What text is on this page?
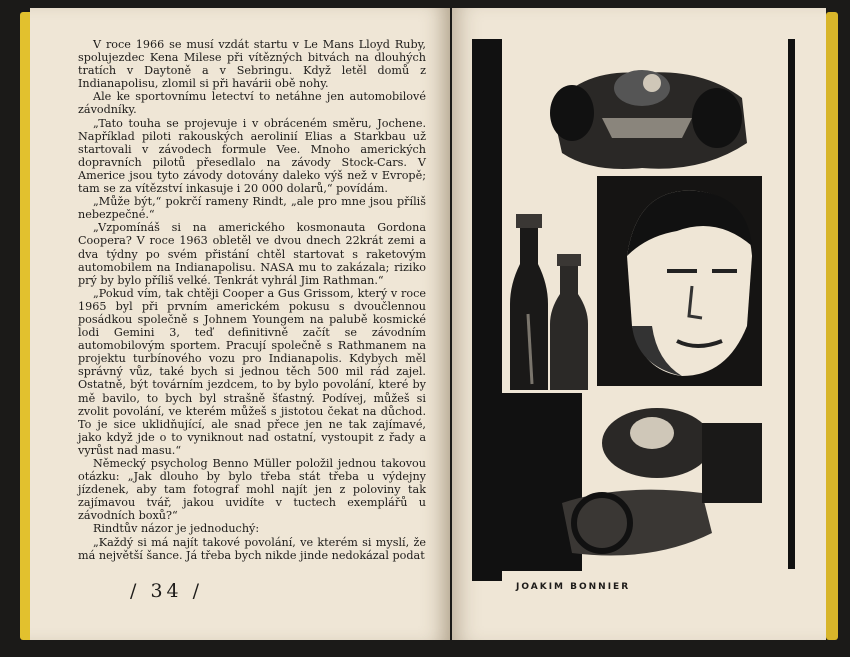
V roce 1966 se musí vzdát startu v Le Mans Lloyd Ruby, spolujezdec Kena Milese při vítězných bitvách na dlouhých tratích v Daytoně a v Sebringu. Když letěl domů z Indianapolisu, zlomil si při havárii obě nohy.

Ale ke sportovnímu letectví to netáhne jen automobilové závodníky.

„Tato touha se projevuje i v obráceném směru, Jochene. Například piloti rakouských aerolinií Elias a Starkbau už startovali v závodech formule Vee. Mnoho amerických dopravních pilotů přesedlalo na závody Stock-Cars. V Americe jsou tyto závody dotovány daleko výš než v Evropě; tam se za vítězství inkasuje i 20 000 dolarů,“ povídám.

„Může být,“ pokrčí rameny Rindt, „ale pro mne jsou příliš nebezpečné.“

„Vzpomínáš si na amerického kosmonauta Gordona Coopera? V roce 1963 obletěl ve dvou dnech 22krát zemi a dva týdny po svém přistání chtěl startovat s raketovým automobilem na Indianapolisu. NASA mu to zakázala; riziko prý by bylo příliš velké. Tenkrát vyhrál Jim Rathman.“

„Pokud vím, tak chtěji Cooper a Gus Grissom, který v roce 1965 byl při prvním americkém pokusu s dvoučlennou posádkou společně s Johnem Youngem na palubě kosmické lodi Gemini 3, teď definitivně začít se závodním automobilovým sportem. Pracují společně s Rathmanem na projektu turbínového vozu pro Indianapolis. Kdybych měl správný vůz, také bych si jednou těch 500 mil rád zajel. Ostatně, být továrním jezdcem, to by bylo povolání, které by mě bavilo, to bych byl strašně šťastný. Podívej, můžeš si zvolit povolání, ve kterém můžeš s jistotou čekat na důchod. To je sice uklidňující, ale snad přece jen ne tak zajímavé, jako když jde o to vyniknout nad ostatní, vystoupit z řady a vyrůst nad masu.“

Německý psycholog Benno Müller položil jednou takovou otázku: „Jak dlouho by bylo třeba stát třeba u výdejny jízdenek, aby tam fotograf mohl najít jen z poloviny tak zajímavou tvář, jakou uvidíte v tuctech exemplářů u závodních boxů?“

Rindtův názor je jednoduchý:

„Každý si má najít takové povolání, ve kterém si myslí, že má největší šance. Já třeba bych nikde jinde nedokázal podat

/ 34 /	JOAKIM BONNIER
